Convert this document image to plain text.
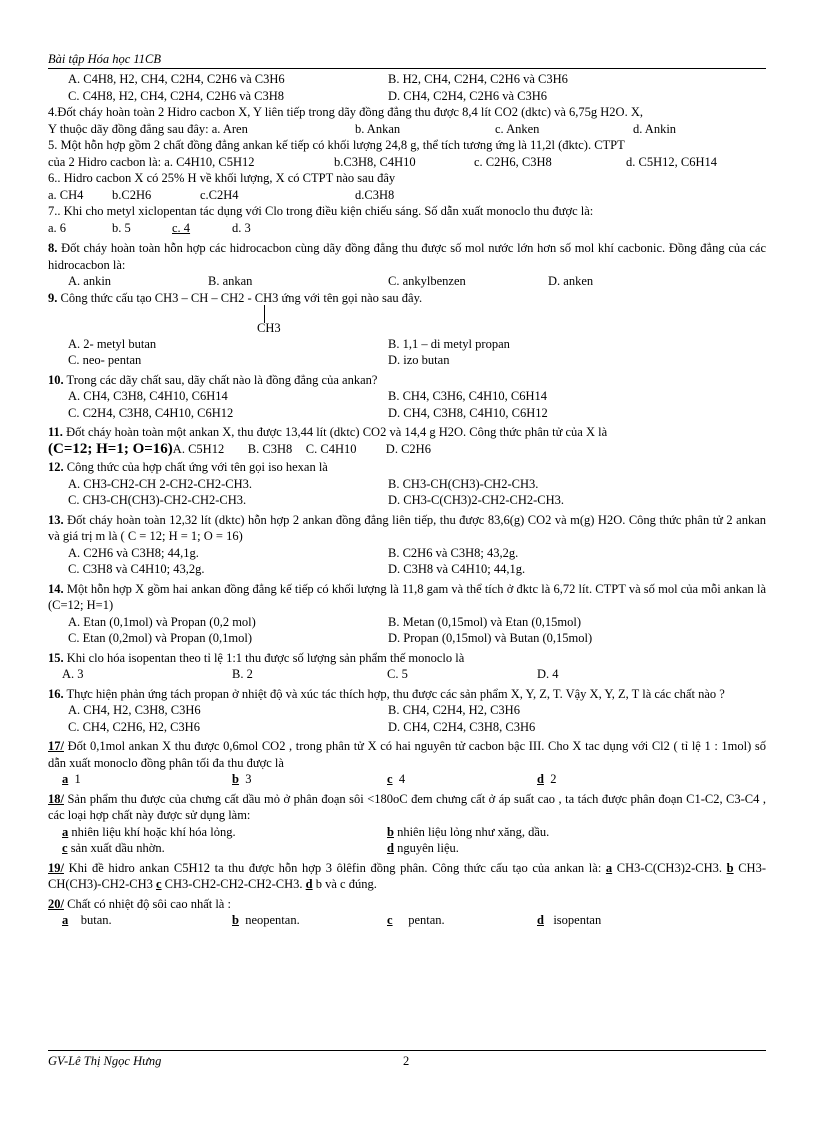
Bài tập Hóa học 11CB
A. C4H8, H2, CH4, C2H4, C2H6 và C3H6	B. H2, CH4, C2H4, C2H6 và C3H6
C. C4H8, H2, CH4, C2H4, C2H6 và C3H8	D. CH4, C2H4, C2H6 và C3H6
4.Đốt cháy hoàn toàn 2 Hidro cacbon X, Y liên tiếp trong dãy đồng đẳng thu được 8,4 lít CO2 (dktc) và 6,75g H2O. X,
Y thuộc dãy đồng đẳng sau đây: a. Aren	b. Ankan	c. Anken	d. Ankin
5. Một hỗn hợp gồm 2 chất đồng đẳng ankan kế tiếp có khối lượng 24,8 g, thể tích tương ứng là 11,2l (đktc). CTPT
của 2 Hidro cacbon là: a. C4H10, C5H12	b.C3H8, C4H10	c. C2H6, C3H8	d. C5H12, C6H14
6.. Hidro cacbon X có 25% H về khối lượng, X có CTPT nào sau đây
a. CH4 b.C2H6	c.C2H4	d.C3H8
7.. Khi cho metyl xiclopentan tác dụng với Clo trong điều kiện chiếu sáng. Số dẫn xuất monoclo thu được là:
a. 6	b. 5	c. 4	d. 3
8. Đốt cháy hoàn toàn hỗn hợp các hidrocacbon cùng dãy đồng đẳng thu được số mol nước lớn hơn số mol khí cacbonic. Đồng đẳng của các hidrocacbon là:
A. ankin	B. ankan	C. ankylbenzen	D. anken
9. Công thức cấu tạo CH3 – CH – CH2 - CH3 ứng với tên gọi nào sau đây.
CH3
A. 2- metyl butan	B. 1,1 – di metyl propan
C. neo- pentan	D. izo butan
10. Trong các dãy chất sau, dãy chất nào là đồng đẳng của ankan?
A. CH4, C3H8, C4H10, C6H14	B. CH4, C3H6, C4H10, C6H14
C. C2H4, C3H8, C4H10, C6H12	D. CH4, C3H8, C4H10, C6H12
11. Đốt cháy hoàn toàn một ankan X, thu được 13,44 lít (dktc) CO2 và 14,4 g H2O. Công thức phân tử của X là
(C=12; H=1; O=16)A. C5H12 B. C3H8 C. C4H10 D. C2H6
12. Công thức của hợp chất ứng với tên gọi iso hexan là
A. CH3-CH2-CH 2-CH2-CH2-CH3.	B. CH3-CH(CH3)-CH2-CH3.
C. CH3-CH(CH3)-CH2-CH2-CH3.	D. CH3-C(CH3)2-CH2-CH2-CH3.
13. Đốt cháy hoàn toàn 12,32 lít (dktc) hỗn hợp 2 ankan đồng đẳng liên tiếp, thu được 83,6(g) CO2 và m(g) H2O. Công thức phân tử 2 ankan và giá trị m là ( C = 12; H = 1; O = 16)
A. C2H6 và C3H8; 44,1g.	B. C2H6 và C3H8; 43,2g.
C. C3H8 và C4H10; 43,2g.	D. C3H8 và C4H10; 44,1g.
14. Một hỗn hợp X gồm hai ankan đồng đẳng kế tiếp có khối lượng là 11,8 gam và thể tích ở đktc là 6,72 lít. CTPT và số mol của mỗi ankan là (C=12; H=1)
A. Etan (0,1mol) và Propan (0,2 mol)	B. Metan (0,15mol) và Etan (0,15mol)
C. Etan (0,2mol) và Propan (0,1mol)	D. Propan (0,15mol) và Butan (0,15mol)
15. Khi clo hóa isopentan theo tỉ lệ 1:1 thu được số lượng sản phẩm thế monoclo là
A. 3	B. 2	C. 5	D. 4
16. Thực hiện phản ứng tách propan ở nhiệt độ và xúc tác thích hợp, thu được các sản phẩm X, Y, Z, T. Vậy X, Y, Z, T là các chất nào ?
A. CH4, H2, C3H8, C3H6	B. CH4, C2H4, H2, C3H6
C. CH4, C2H6, H2, C3H6	D. CH4, C2H4, C3H8, C3H6
17/ Đốt 0,1mol ankan X thu được 0,6mol CO2 , trong phân tử X có hai nguyên tử cacbon bậc III. Cho X tac dụng với Cl2 ( tỉ lệ 1 : 1mol) số dẫn xuất monoclo đồng phân tối đa thu được là
a 1	b 3	c 4	d 2
18/ Sản phẩm thu được của chưng cất dầu mỏ ở phân đoạn sôi <180oC đem chưng cất ở áp suất cao , ta tách được phân đoạn C1-C2, C3-C4 , các loại hợp chất này được sử dụng làm:
a nhiên liệu khí hoặc khí hóa lỏng.	b nhiên liệu lỏng như xăng, dầu.
c sản xuất dầu nhờn.	d nguyên liệu.
19/ Khi đề hidro ankan C5H12 ta thu được hỗn hợp 3 ôlêfin đồng phân. Công thức cấu tạo của ankan là: a CH3-C(CH3)2-CH3. b CH3-CH(CH3)-CH2-CH3 c CH3-CH2-CH2-CH2-CH3. d b và c đúng.
20/ Chất có nhiệt độ sôi cao nhất là :
a butan.	b neopentan.	c pentan.	d isopentan
GV-Lê Thị Ngọc Hưng	2
